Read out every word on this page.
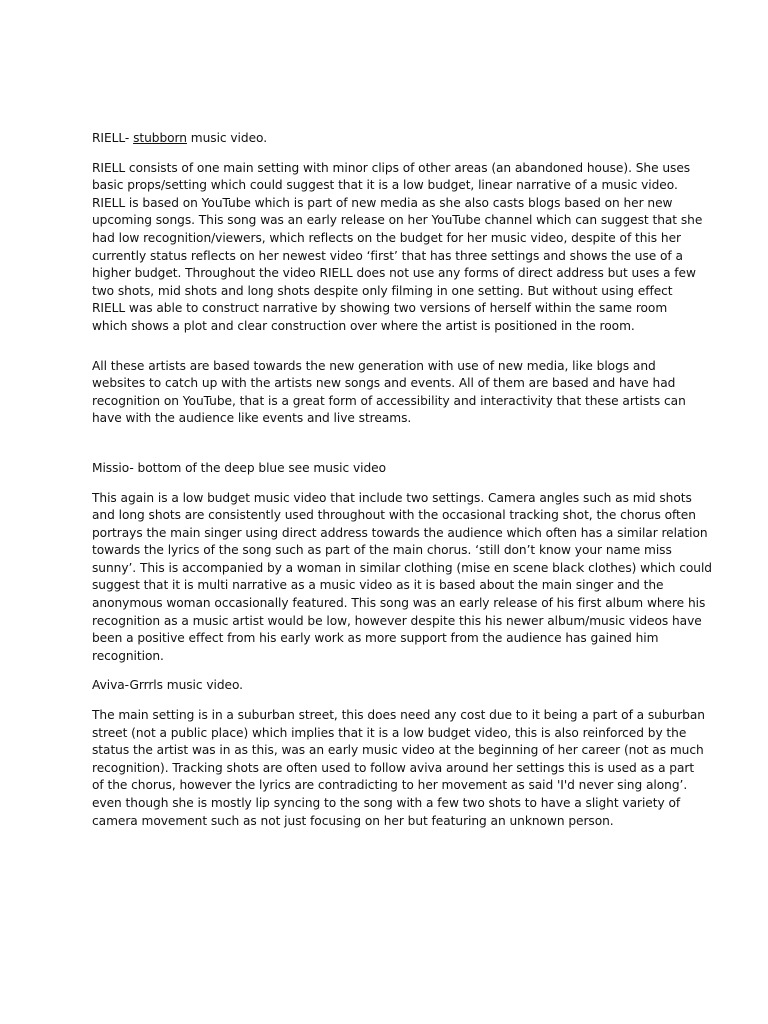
RIELL- stubborn music video.

RIELL consists of one main setting with minor clips of other areas (an abandoned house). She uses
basic props/setting which could suggest that it is a low budget, linear narrative of a music video.
RIELL is based on YouTube which is part of new media as she also casts blogs based on her new
upcoming songs. This song was an early release on her YouTube channel which can suggest that she
had low recognition/viewers, which reflects on the budget for her music video, despite of this her
currently status reflects on her newest video ‘first’ that has three settings and shows the use of a
higher budget. Throughout the video RIELL does not use any forms of direct address but uses a few
two shots, mid shots and long shots despite only filming in one setting. But without using effect
RIELL was able to construct narrative by showing two versions of herself within the same room
which shows a plot and clear construction over where the artist is positioned in the room.

All these artists are based towards the new generation with use of new media, like blogs and
websites to catch up with the artists new songs and events. All of them are based and have had
recognition on YouTube, that is a great form of accessibility and interactivity that these artists can
have with the audience like events and live streams.

Missio- bottom of the deep blue see music video

This again is a low budget music video that include two settings. Camera angles such as mid shots
and long shots are consistently used throughout with the occasional tracking shot, the chorus often
portrays the main singer using direct address towards the audience which often has a similar relation
towards the lyrics of the song such as part of the main chorus. ‘still don’t know your name miss
sunny’. This is accompanied by a woman in similar clothing (mise en scene black clothes) which could
suggest that it is multi narrative as a music video as it is based about the main singer and the
anonymous woman occasionally featured. This song was an early release of his first album where his
recognition as a music artist would be low, however despite this his newer album/music videos have
been a positive effect from his early work as more support from the audience has gained him
recognition.

Aviva-Grrrls music video.

The main setting is in a suburban street, this does need any cost due to it being a part of a suburban
street (not a public place) which implies that it is a low budget video, this is also reinforced by the
status the artist was in as this, was an early music video at the beginning of her career (not as much
recognition). Tracking shots are often used to follow aviva around her settings this is used as a part
of the chorus, however the lyrics are contradicting to her movement as said 'I'd never sing along’.
even though she is mostly lip syncing to the song with a few two shots to have a slight variety of
camera movement such as not just focusing on her but featuring an unknown person.
